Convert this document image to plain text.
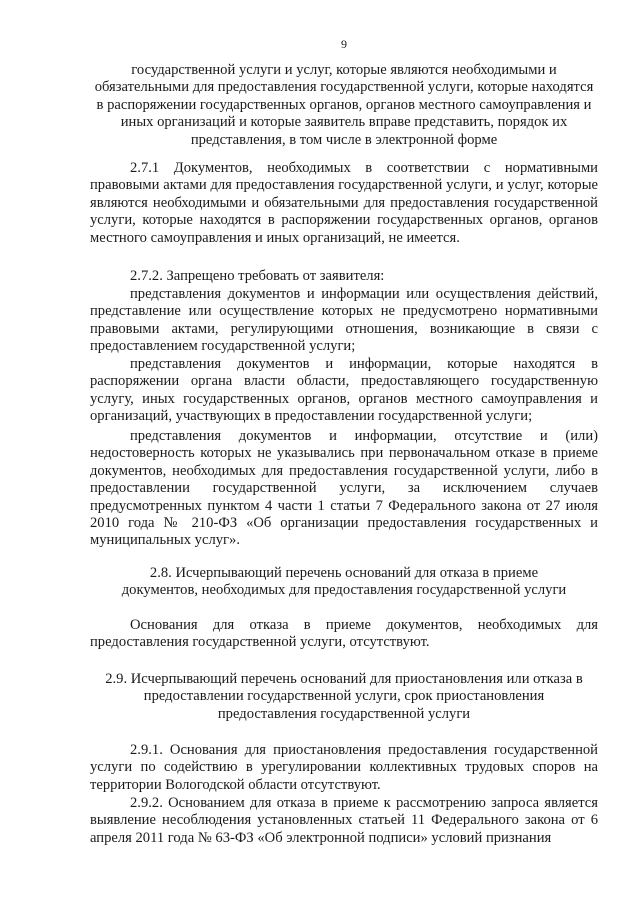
9

государственной услуги и услуг, которые являются необходимыми и обязательными для предоставления государственной услуги, которые находятся в распоряжении государственных органов, органов местного самоуправления и иных организаций и которые заявитель вправе представить, порядок их представления, в том числе в электронной форме

2.7.1 Документов, необходимых в соответствии с нормативными правовыми актами для предоставления государственной услуги, и услуг, которые являются необходимыми и обязательными для предоставления государственной услуги, которые находятся в распоряжении государственных органов, органов местного самоуправления и иных организаций, не имеется.

2.7.2. Запрещено требовать от заявителя:

представления документов и информации или осуществления действий, представление или осуществление которых не предусмотрено нормативными правовыми актами, регулирующими отношения, возникающие в связи с предоставлением государственной услуги;

представления документов и информации, которые находятся в распоряжении органа власти области, предоставляющего государственную услугу, иных государственных органов, органов местного самоуправления и организаций, участвующих в предоставлении государственной услуги;

представления документов и информации, отсутствие и (или) недостоверность которых не указывались при первоначальном отказе в приеме документов, необходимых для предоставления государственной услуги, либо в предоставлении государственной услуги, за исключением случаев предусмотренных пунктом 4 части 1 статьи 7 Федерального закона от 27 июля 2010 года № 210-ФЗ «Об организации предоставления государственных и муниципальных услуг».

2.8. Исчерпывающий перечень оснований для отказа в приеме
документов, необходимых для предоставления государственной услуги

Основания для отказа в приеме документов, необходимых для предоставления государственной услуги, отсутствуют.

2.9. Исчерпывающий перечень оснований для приостановления или отказа в
предоставлении государственной услуги, срок приостановления
предоставления государственной услуги

2.9.1. Основания для приостановления предоставления государственной услуги по содействию в урегулировании коллективных трудовых споров на территории Вологодской области отсутствуют.

2.9.2. Основанием для отказа в приеме к рассмотрению запроса является выявление несоблюдения установленных статьей 11 Федерального закона от 6 апреля 2011 года № 63-ФЗ «Об электронной подписи» условий признания
